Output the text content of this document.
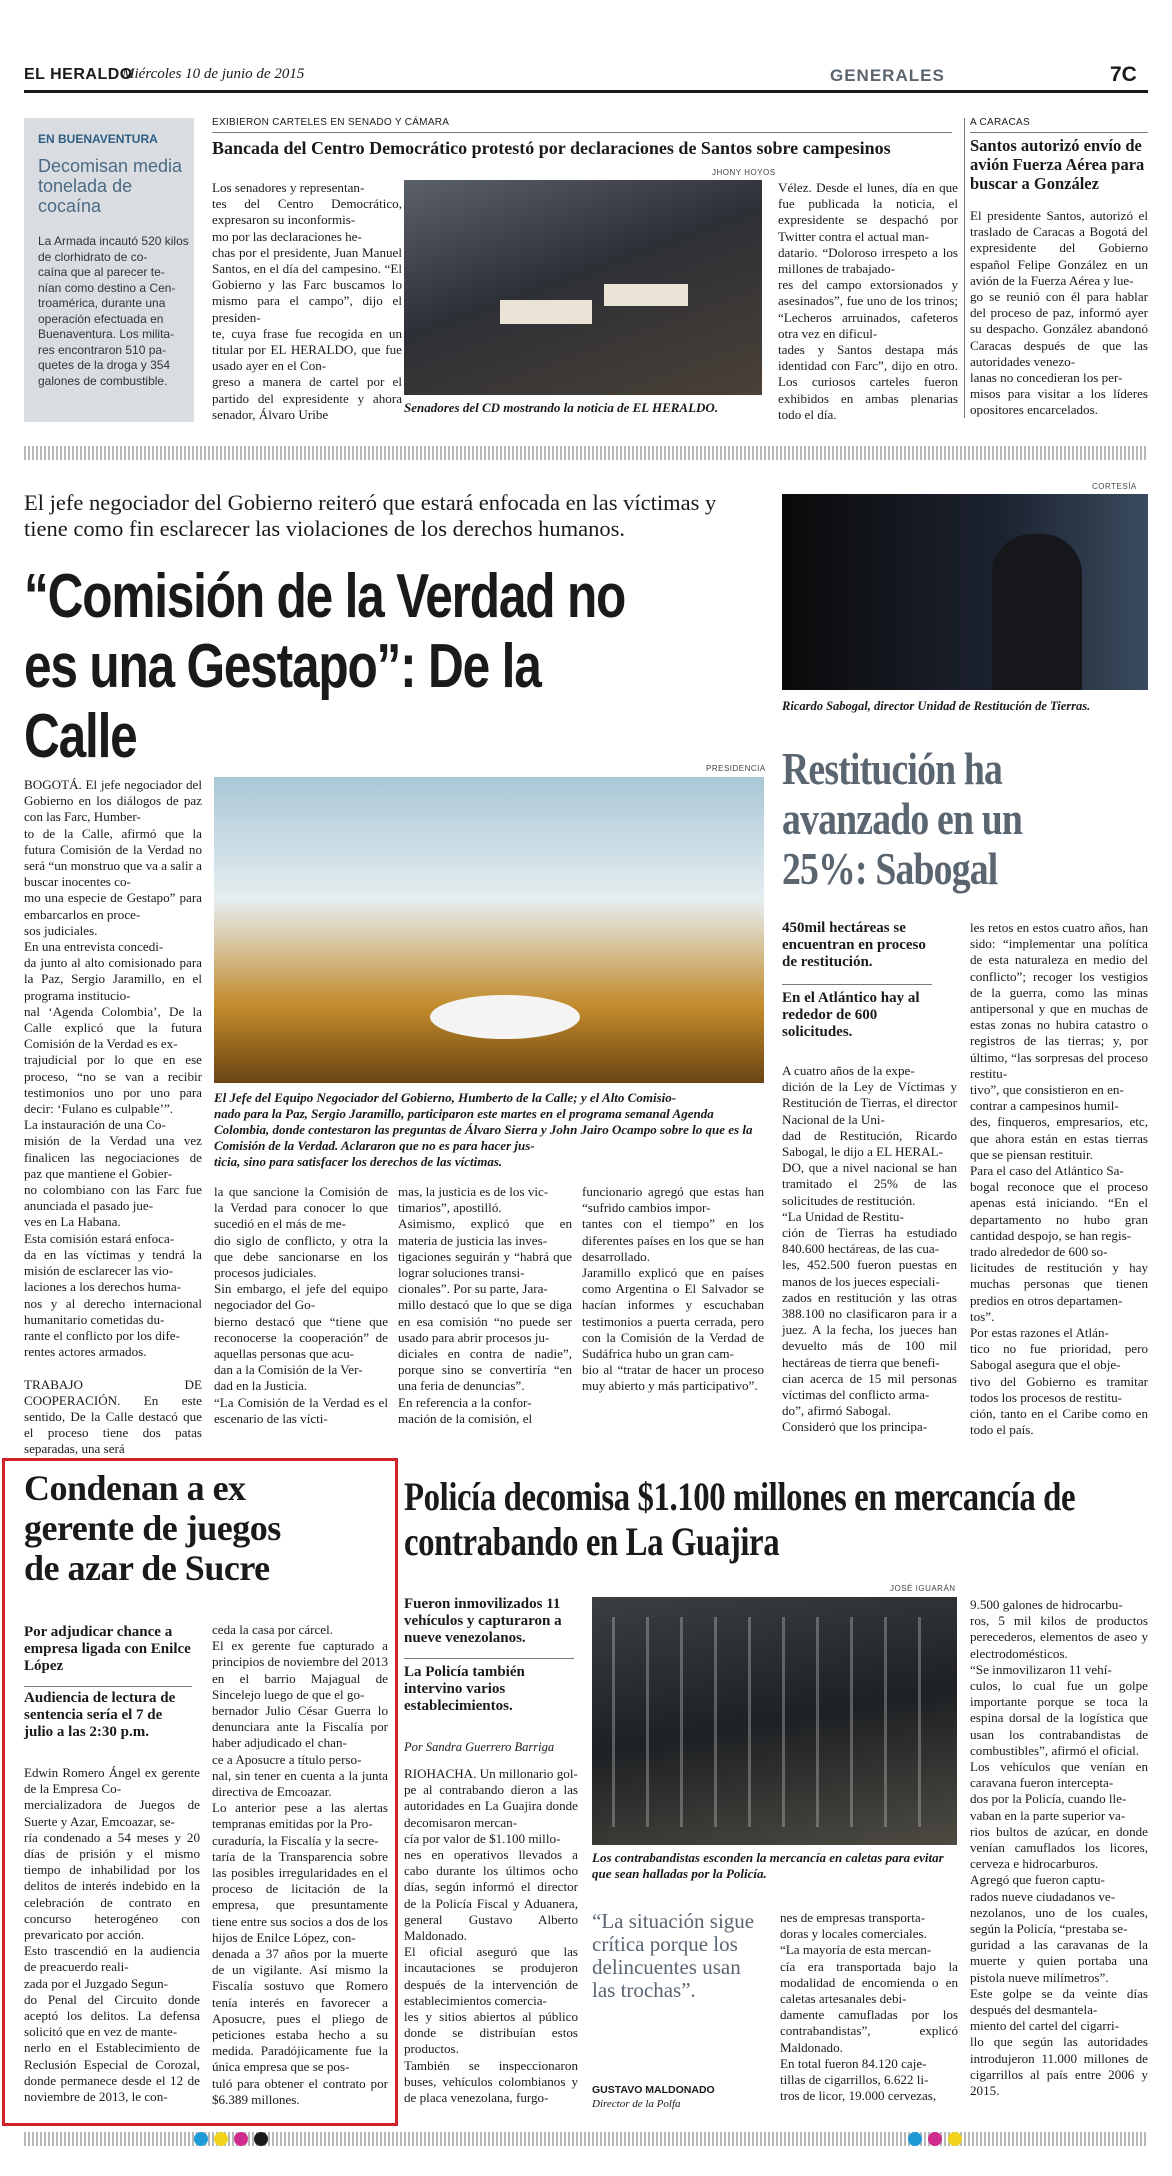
EL HERALDO
Miércoles 10 de junio de 2015	GENERALES	7C
EN BUENAVENTURA
Decomisan media tonelada de cocaína

La Armada incautó 520 kilos de clorhidrato de co-
caína que al parecer te-
nían como destino a Cen-
troamérica, durante una operación efectuada en Buenaventura. Los milita-
res encontraron 510 pa-
quetes de la droga y 354 galones de combustible.

EXIBIERON CARTELES EN SENADO Y CÁMARA
Bancada del Centro Democrático protestó por declaraciones de Santos sobre campesinos
JHONY HOYOS

Los senadores y representan-
tes del Centro Democrático, expresaron su inconformis-
mo por las declaraciones he-
chas por el presidente, Juan Manuel Santos, en el día del campesino. “El Gobierno y las Farc buscamos lo mismo para el campo”, dijo el presiden-
te, cuya frase fue recogida en un titular por EL HERALDO, que fue usado ayer en el Con-
greso a manera de cartel por el partido del expresidente y ahora senador, Álvaro Uribe	Senadores del CD mostrando la noticia de EL HERALDO.

Vélez. Desde el lunes, día en que fue publicada la noticia, el expresidente se despachó por Twitter contra el actual man-
datario. “Doloroso irrespeto a los millones de trabajado-
res del campo extorsionados y asesinados”, fue uno de los trinos; “Lecheros arruinados, cafeteros otra vez en dificul-
tades y Santos destapa más identidad con Farc”, dijo en otro. Los curiosos carteles fueron exhibidos en ambas plenarias todo el día.

A CARACAS
Santos autorizó envío de avión Fuerza Aérea para buscar a González

El presidente Santos, autorizó el traslado de Caracas a Bogotá del expresidente del Gobierno español Felipe González en un avión de la Fuerza Aérea y lue-
go se reunió con él para hablar del proceso de paz, informó ayer su despacho. González abandonó Caracas después de que las autoridades venezo-
lanas no concedieran los per-
misos para visitar a los líderes opositores encarcelados.

El jefe negociador del Gobierno reiteró que estará enfocada en las víctimas y tiene como fin esclarecer las violaciones de los derechos humanos.
“Comisión de la Verdad no es una Gestapo”: De la Calle
CORTESÍA

Ricardo Sabogal, director Unidad de Restitución de Tierras.

PRESIDENCIA

BOGOTÁ. El jefe negociador del Gobierno en los diálogos de paz con las Farc, Humber-
to de la Calle, afirmó que la futura Comisión de la Verdad no será “un monstruo que va a salir a buscar inocentes co-
mo una especie de Gestapo” para embarcarlos en proce-
sos judiciales.
En una entrevista concedi-
da junto al alto comisionado para la Paz, Sergio Jaramillo, en el programa institucio-
nal ‘Agenda Colombia’, De la Calle explicó que la futura Comisión de la Verdad es ex-
trajudicial por lo que en ese proceso, “no se van a recibir testimonios uno por uno para decir: ‘Fulano es culpable’”.
La instauración de una Co-
misión de la Verdad una vez finalicen las negociaciones de paz que mantiene el Gobier-
no colombiano con las Farc fue anunciada el pasado jue-
ves en La Habana.
Esta comisión estará enfoca-
da en las víctimas y tendrá la misión de esclarecer las vio-
laciones a los derechos huma-
nos y al derecho internacional humanitario cometidas du-
rante el conflicto por los dife-
rentes actores armados.

TRABAJO DE COOPERACIÓN. En este sentido, De la Calle destacó que el proceso tiene dos patas separadas, una será

El Jefe del Equipo Negociador del Gobierno, Humberto de la Calle; y el Alto Comisio-
nado para la Paz, Sergio Jaramillo, participaron este martes en el programa semanal Agenda Colombia, donde contestaron las preguntas de Álvaro Sierra y John Jairo Ocampo sobre lo que es la Comisión de la Verdad. Aclararon que no es para hacer jus-
ticia, sino para satisfacer los derechos de las víctimas.

la que sancione la Comisión de la Verdad para conocer lo que sucedió en el más de me-
dio siglo de conflicto, y otra la que debe sancionarse en los procesos judiciales.
Sin embargo, el jefe del equipo negociador del Go-
bierno destacó que “tiene que reconocerse la cooperación” de aquellas personas que acu-
dan a la Comisión de la Ver-
dad en la Justicia.
“La Comisión de la Verdad es el escenario de las vícti-

mas, la justicia es de los vic-
timarios”, apostilló.
Asimismo, explicó que en materia de justicia las inves-
tigaciones seguirán y “habrá que lograr soluciones transi-
cionales”. Por su parte, Jara-
millo destacó que lo que se diga en esa comisión “no puede ser usado para abrir procesos ju-
diciales en contra de nadie”, porque sino se convertiría “en una feria de denuncias”.
En referencia a la confor-
mación de la comisión, el

funcionario agregó que estas han “sufrido cambios impor-
tantes con el tiempo” en los diferentes países en los que se han desarrollado.
Jaramillo explicó que en países como Argentina o El Salvador se hacían informes y escuchaban testimonios a puerta cerrada, pero con la Comisión de la Verdad de Sudáfrica hubo un gran cam-
bio al “tratar de hacer un proceso muy abierto y más participativo”.

Restitución ha avanzado en un 25%: Sabogal

450mil hectáreas se encuentran en proceso de restitución.

En el Atlántico hay al rededor de 600 solicitudes.

A cuatro años de la expe-
dición de la Ley de Víctimas y Restitución de Tierras, el director Nacional de la Uni-
dad de Restitución, Ricardo Sabogal, le dijo a EL HERAL-
DO, que a nivel nacional se han tramitado el 25% de las solicitudes de restitución.
“La Unidad de Restitu-
ción de Tierras ha estudiado 840.600 hectáreas, de las cua-
les, 452.500 fueron puestas en manos de los jueces especiali-
zados en restitución y las otras 388.100 no clasificaron para ir a juez. A la fecha, los jueces han devuelto más de 100 mil hectáreas de tierra que benefi-
cian acerca de 15 mil personas víctimas del conflicto arma-
do”, afirmó Sabogal.
Consideró que los principa-

les retos en estos cuatro años, han sido: “implementar una política de esta naturaleza en medio del conflicto”; recoger los vestigios de la guerra, como las minas antipersonal y que en muchas de estas zonas no hubira catastro o registros de las tierras; y, por último, “las sorpresas del proceso restitu-
tivo”, que consistieron en en-
contrar a campesinos humil-
des, finqueros, empresarios, etc, que ahora están en estas tierras que se piensan restituir.
Para el caso del Atlántico Sa-
bogal reconoce que el proceso apenas está iniciando. “En el departamento no hubo gran cantidad despojo, se han regis-
trado alrededor de 600 so-
licitudes de restitución y hay muchas personas que tienen predios en otros departamen-
tos”.
Por estas razones el Atlán-
tico no fue prioridad, pero Sabogal asegura que el obje-
tivo del Gobierno es tramitar todos los procesos de restitu-
ción, tanto en el Caribe como en todo el país.

Condenan a ex gerente de juegos de azar de Sucre

Por adjudicar chance a empresa ligada con Enilce López

Audiencia de lectura de sentencia sería el 7 de julio a las 2:30 p.m.

Edwin Romero Ángel ex gerente de la Empresa Co-
mercializadora de Juegos de Suerte y Azar, Emcoazar, se-
ría condenado a 54 meses y 20 días de prisión y el mismo tiempo de inhabilidad por los delitos de interés indebido en la celebración de contrato en concurso heterogéneo con prevaricato por acción.
Esto trascendió en la audiencia de preacuerdo reali-
zada por el Juzgado Segun-
do Penal del Circuito donde aceptó los delitos. La defensa solicitó que en vez de mante-
nerlo en el Establecimiento de Reclusión Especial de Corozal, donde permanece desde el 12 de noviembre de 2013, le con-

ceda la casa por cárcel.
El ex gerente fue capturado a principios de noviembre del 2013 en el barrio Majagual de Sincelejo luego de que el go-
bernador Julio César Guerra lo denunciara ante la Fiscalía por haber adjudicado el chan-
ce a Aposucre a título perso-
nal, sin tener en cuenta a la junta directiva de Emcoazar.
Lo anterior pese a las alertas tempranas emitidas por la Pro-
curaduría, la Fiscalía y la secre-
taría de la Transparencia sobre las posibles irregularidades en el proceso de licitación de la empresa, que presuntamente tiene entre sus socios a dos de los hijos de Enilce López, con-
denada a 37 años por la muerte de un vigilante. Así mismo la Fiscalía sostuvo que Romero tenía interés en favorecer a Aposucre, pues el pliego de peticiones estaba hecho a su medida. Paradójicamente fue la única empresa que se pos-
tuló para obtener el contrato por $6.389 millones.

Policía decomisa $1.100 millones en mercancía de contrabando en La Guajira

Fueron inmovilizados 11 vehículos y capturaron a nueve venezolanos.

La Policía también intervino varios establecimientos.

Por Sandra Guerrero Barriga

RIOHACHA. Un millonario gol-
pe al contrabando dieron a las autoridades en La Guajira donde decomisaron mercan-
cía por valor de $1.100 millo-
nes en operativos llevados a cabo durante los últimos ocho días, según informó el director de la Policía Fiscal y Aduanera, general Gustavo Alberto Maldonado.
El oficial aseguró que las incautaciones se produjeron después de la intervención de establecimientos comercia-
les y sitios abiertos al público donde se distribuían estos productos.
También se inspeccionaron buses, vehículos colombianos y de placa venezolana, furgo-

JOSÉ IGUARÁN

Los contrabandistas esconden la mercancía en caletas para evitar que sean halladas por la Policía.

“La situación sigue crítica porque los delincuentes usan las trochas”.

GUSTAVO MALDONADO
Director de la Polfa

nes de empresas transporta-
doras y locales comerciales.
“La mayoría de esta mercan-
cía era transportada bajo la modalidad de encomienda o en caletas artesanales debi-
damente camufladas por los contrabandistas”, explicó Maldonado.
En total fueron 84.120 caje-
tillas de cigarrillos, 6.622 li-
tros de licor, 19.000 cervezas,

9.500 galones de hidrocarbu-
ros, 5 mil kilos de productos perecederos, elementos de aseo y electrodomésticos.
“Se inmovilizaron 11 vehí-
culos, lo cual fue un golpe importante porque se toca la espina dorsal de la logística que usan los contrabandistas de combustibles”, afirmó el oficial.
Los vehículos que venían en caravana fueron intercepta-
dos por la Policía, cuando lle-
vaban en la parte superior va-
rios bultos de azúcar, en donde venían camuflados los licores, cerveza e hidrocarburos.
Agregó que fueron captu-
rados nueve ciudadanos ve-
nezolanos, uno de los cuales, según la Policía, “prestaba se-
guridad a las caravanas de la muerte y quien portaba una pistola nueve milímetros”.
Este golpe se da veinte días después del desmantela-
miento del cartel del cigarri-
llo que según las autoridades introdujeron 11.000 millones de cigarrillos al país entre 2006 y 2015.
